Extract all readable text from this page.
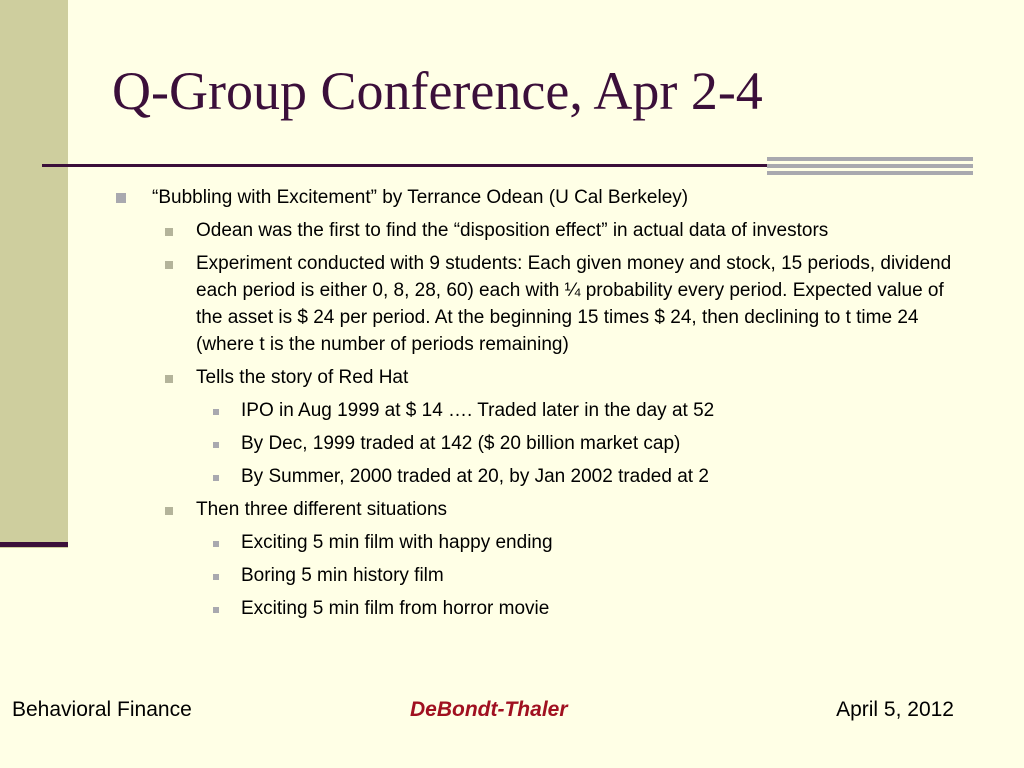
Q-Group Conference, Apr 2-4
“Bubbling with Excitement” by Terrance Odean (U Cal Berkeley)
Odean was the first to find the “disposition effect” in actual data of investors
Experiment conducted with 9 students: Each given money and stock, 15 periods, dividend each period is either 0, 8, 28, 60) each with ¼ probability every period. Expected value of the asset is $ 24 per period. At the beginning 15 times $ 24, then declining to t time 24 (where t is the number of periods remaining)
Tells the story of Red Hat
IPO in Aug 1999 at $ 14 …. Traded later in the day at 52
By Dec, 1999 traded at 142 ($ 20 billion market cap)
By Summer, 2000 traded at 20, by Jan 2002 traded at 2
Then three different situations
Exciting 5 min film with happy ending
Boring 5 min history film
Exciting 5 min film from horror movie
Behavioral Finance	DeBondt-Thaler	April 5, 2012
